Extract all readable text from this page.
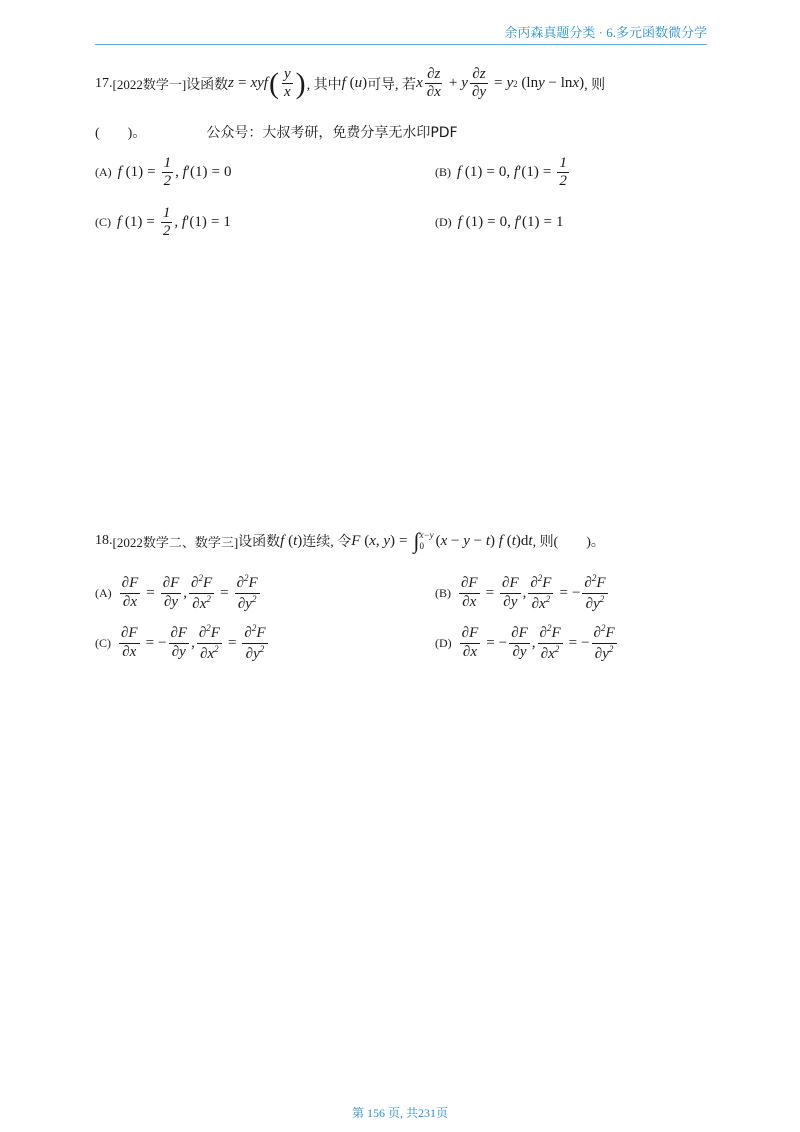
余丙森真题分类 · 6.多元函数微分学
17. [2022数学一] 设函数 z = xyf ( $\frac{y}{x}$ ) , 其中 f ( u ) 可导, 若 x $\frac{\partial z}{\partial x} + y \frac{\partial z}{\partial y} = y$ 2 (ln y − ln x ) , 则
(　　)。	公众号：大叔考研，免费分享无水印PDF
(A) f $(1) = \frac{1}{2}$ , f ′(1) = 0	(B) f (1) = 0 , f $'(1) = \frac{1}{2}$
(C) f $(1) = \frac{1}{2}$ , f ′(1) = 1	(D) f (1) = 0 , f ′(1) = 1
18. [2022数学二、数学三] 设函数 f ( t ) 连续, 令 F ( x , y ) = ∫ x−y
0 ( x − y − t ) f ( t )d t , 则(　　)。
$(A) \frac{\partial F}{\partial x} = \frac{\partial F}{\partial y}$ , $\frac{\partial^2F}{\partial x^2} = \frac{\partial^2F}{\partial y^2}$	$(B) \frac{\partial F}{\partial x} = \frac{\partial F}{\partial y}$ , $\frac{\partial^2F}{\partial x^2}$ = − $\frac{\partial^2F}{\partial y^2}$
$(C) \frac{\partial F}{\partial x}$ = − $\frac{\partial F}{\partial y}$ , $\frac{\partial^2F}{\partial x^2} = \frac{\partial^2F}{\partial y^2}$	$(D) \frac{\partial F}{\partial x}$ = − $\frac{\partial F}{\partial y}$ , $\frac{\partial^2F}{\partial x^2}$ = − $\frac{\partial^2F}{\partial y^2}$
第 156 页, 共231页
